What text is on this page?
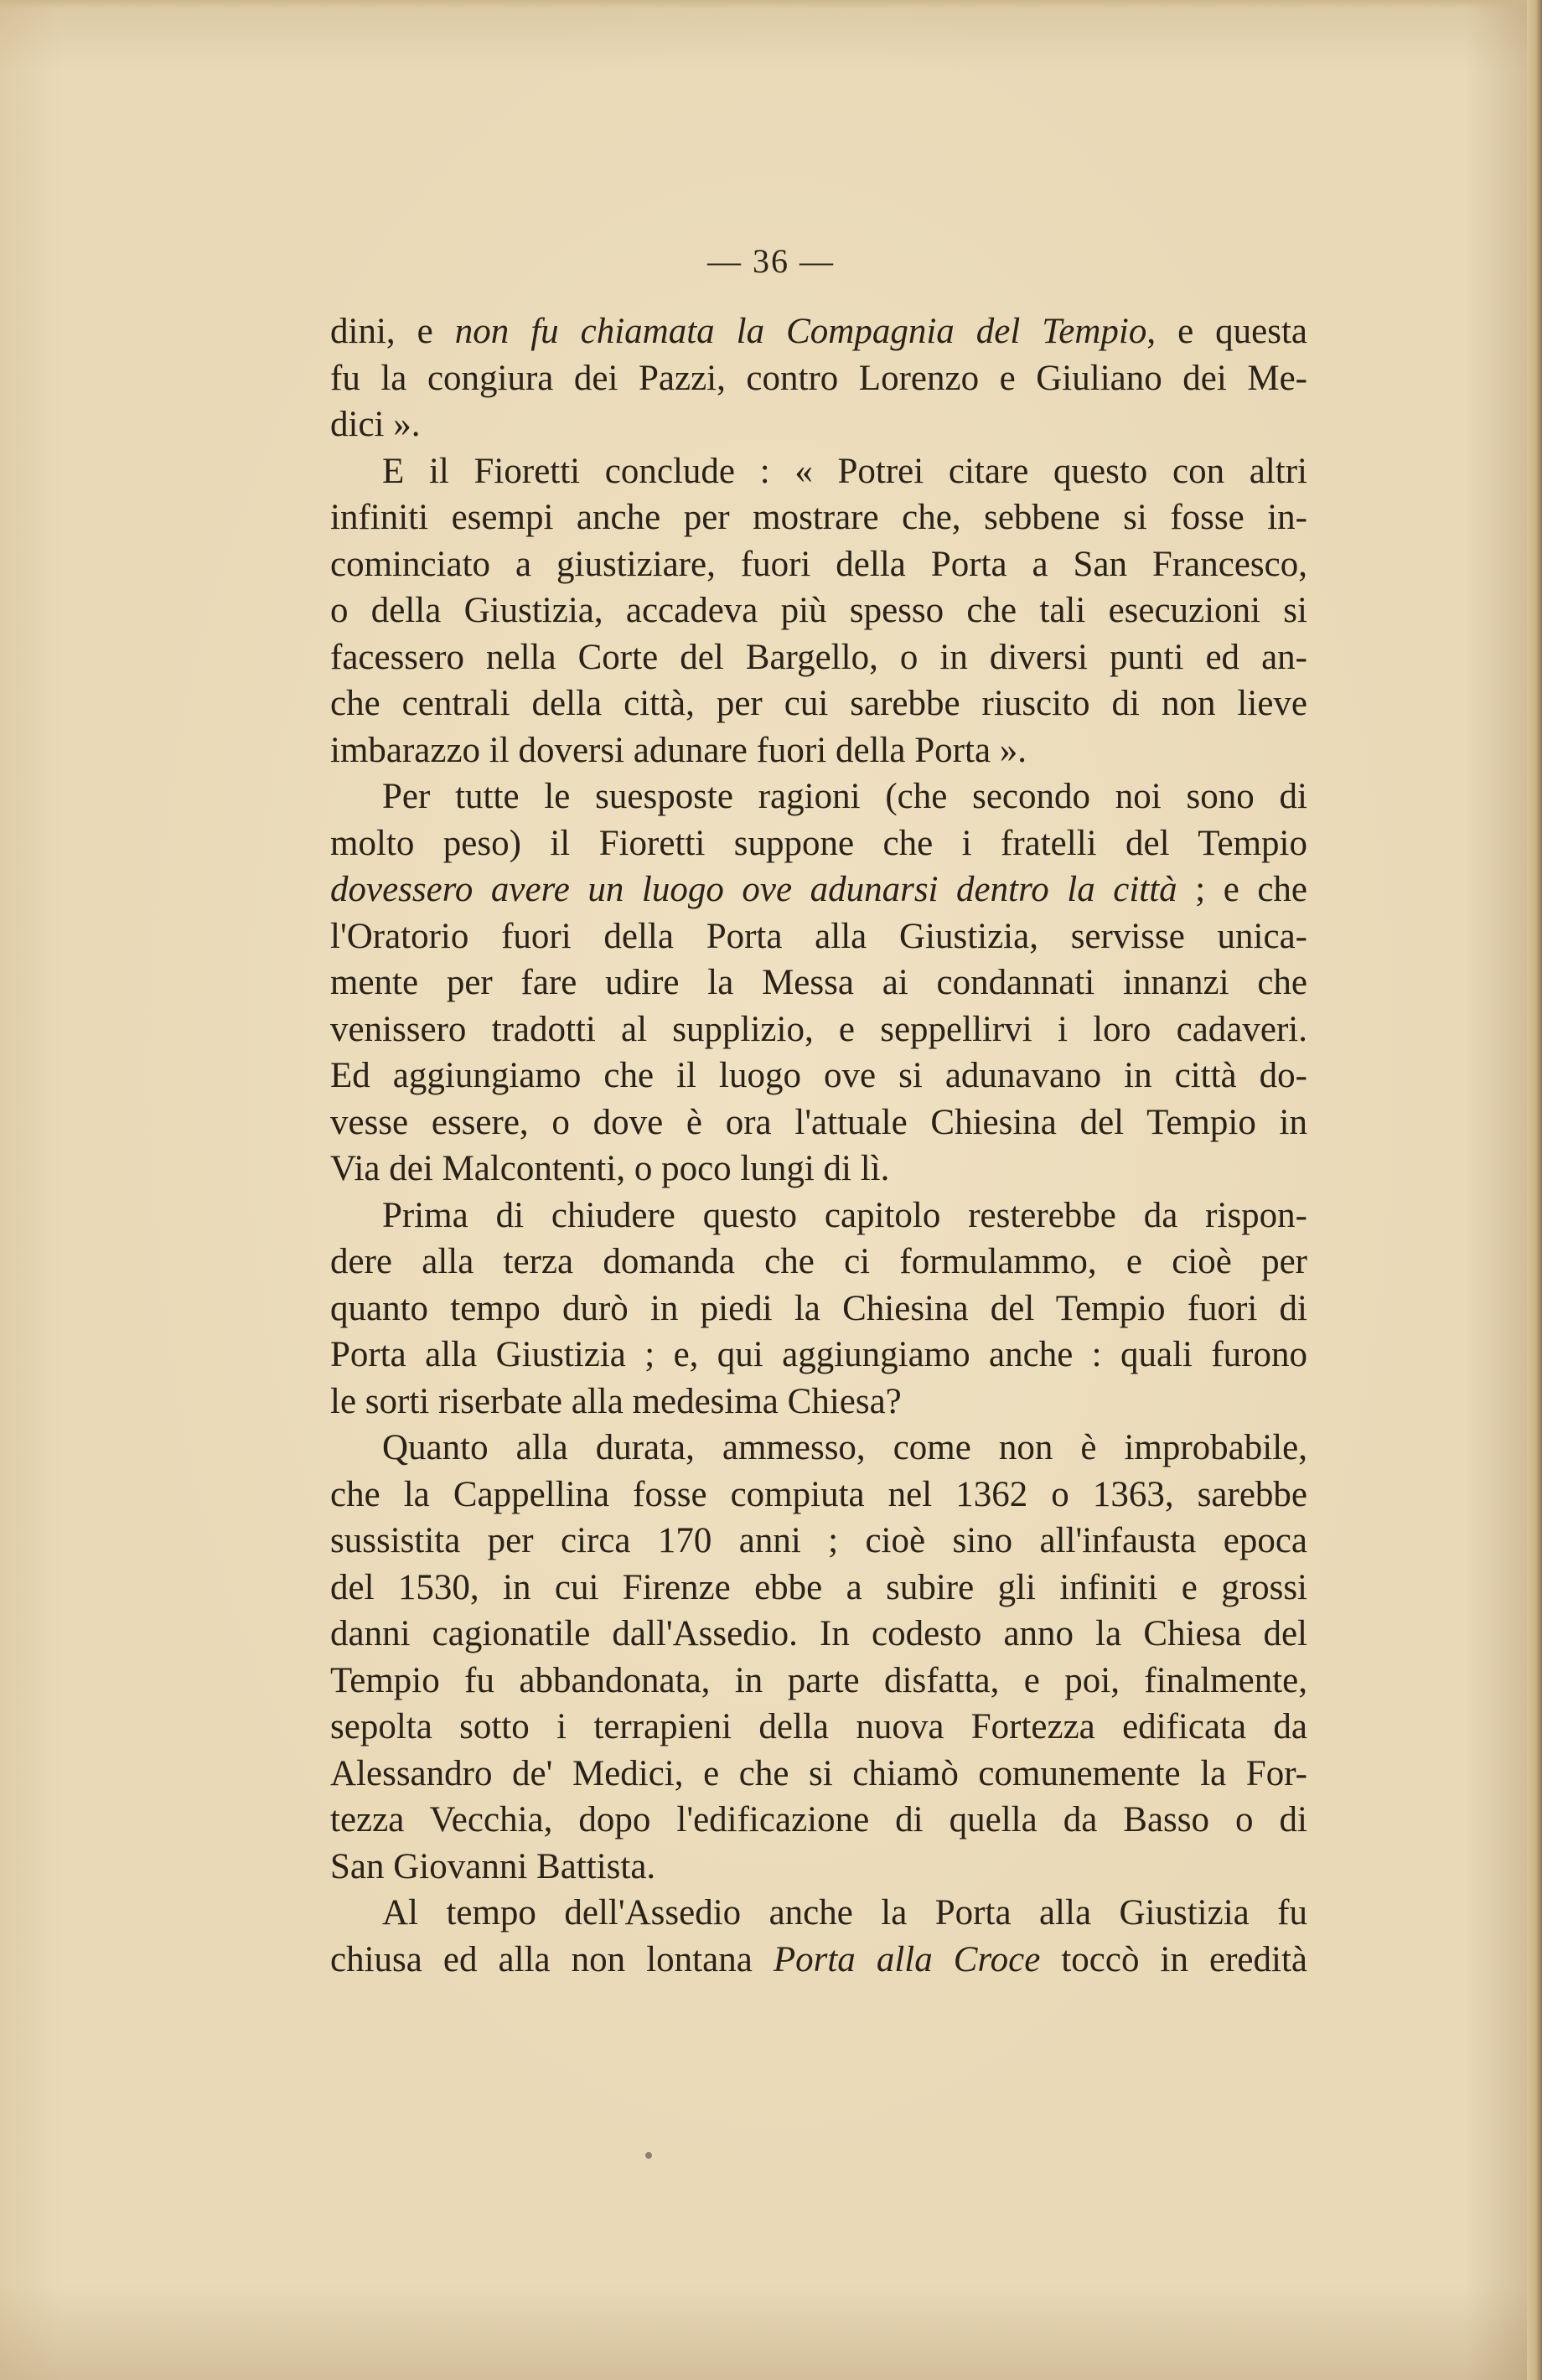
— 36 —
dini, e non fu chiamata la Compagnia del Tempio, e questa
fu la congiura dei Pazzi, contro Lorenzo e Giuliano dei Me-
dici ».
E il Fioretti conclude : « Potrei citare questo con altri
infiniti esempi anche per mostrare che, sebbene si fosse in-
cominciato a giustiziare, fuori della Porta a San Francesco,
o della Giustizia, accadeva più spesso che tali esecuzioni si
facessero nella Corte del Bargello, o in diversi punti ed an-
che centrali della città, per cui sarebbe riuscito di non lieve
imbarazzo il doversi adunare fuori della Porta ».
Per tutte le suesposte ragioni (che secondo noi sono di
molto peso) il Fioretti suppone che i fratelli del Tempio
dovessero avere un luogo ove adunarsi dentro la città ; e che
l'Oratorio fuori della Porta alla Giustizia, servisse unica-
mente per fare udire la Messa ai condannati innanzi che
venissero tradotti al supplizio, e seppellirvi i loro cadaveri.
Ed aggiungiamo che il luogo ove si adunavano in città do-
vesse essere, o dove è ora l'attuale Chiesina del Tempio in
Via dei Malcontenti, o poco lungi di lì.
Prima di chiudere questo capitolo resterebbe da rispon-
dere alla terza domanda che ci formulammo, e cioè per
quanto tempo durò in piedi la Chiesina del Tempio fuori di
Porta alla Giustizia ; e, qui aggiungiamo anche : quali furono
le sorti riserbate alla medesima Chiesa?
Quanto alla durata, ammesso, come non è improbabile,
che la Cappellina fosse compiuta nel 1362 o 1363, sarebbe
sussistita per circa 170 anni ; cioè sino all'infausta epoca
del 1530, in cui Firenze ebbe a subire gli infiniti e grossi
danni cagionatile dall'Assedio. In codesto anno la Chiesa del
Tempio fu abbandonata, in parte disfatta, e poi, finalmente,
sepolta sotto i terrapieni della nuova Fortezza edificata da
Alessandro de' Medici, e che si chiamò comunemente la For-
tezza Vecchia, dopo l'edificazione di quella da Basso o di
San Giovanni Battista.
Al tempo dell'Assedio anche la Porta alla Giustizia fu
chiusa ed alla non lontana Porta alla Croce toccò in eredità
